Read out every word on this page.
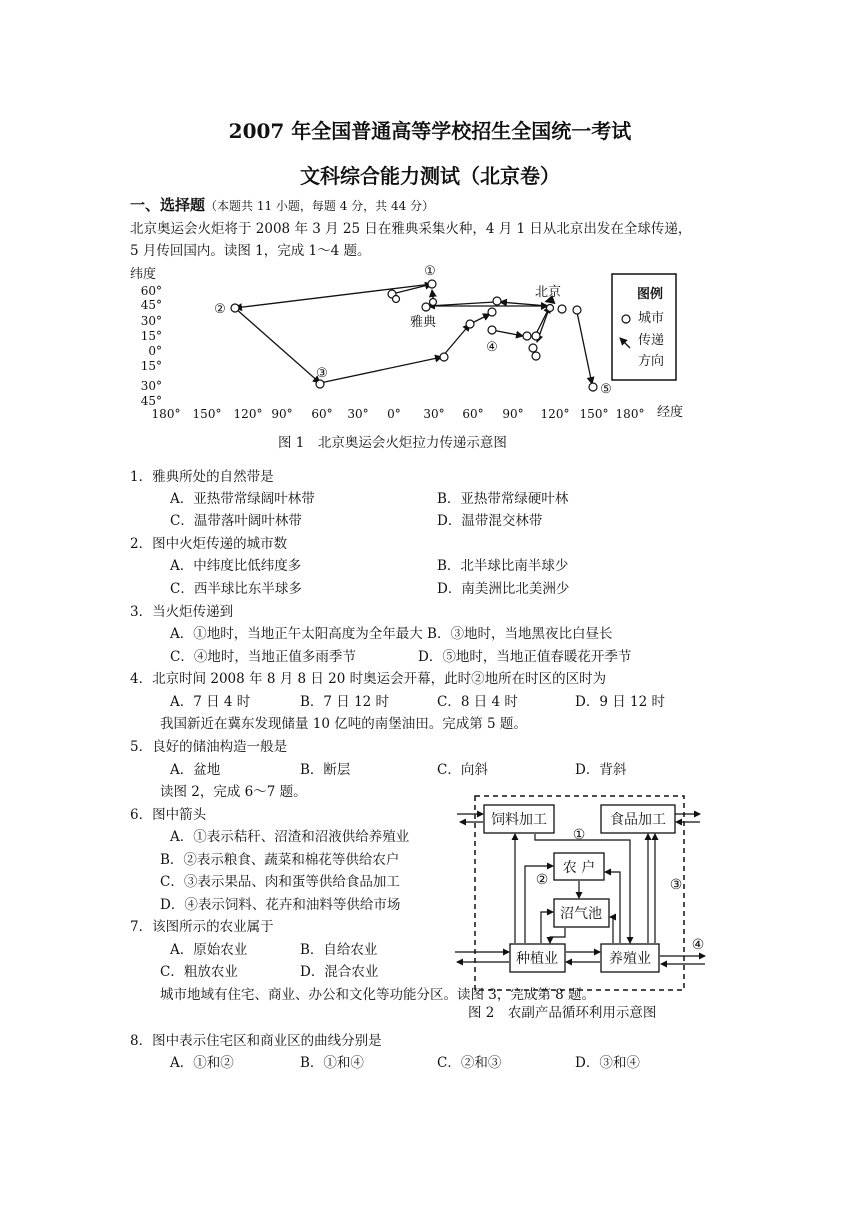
2007 年全国普通高等学校招生全国统一考试
文科综合能力测试（北京卷）
一、选择题（本题共 11 小题，每题 4 分，共 44 分）
北京奥运会火炬将于 2008 年 3 月 25 日在雅典采集火种，4 月 1 日从北京出发在全球传递，
5 月传回国内。读图 1，完成 1～4 题。
纬度
60°
45°
30°
15°
0°
15°
30°
45°
180° 150° 120° 90° 60° 30° 0° 30° 60° 90° 120° 150° 180° 经度
①
②
③
④
⑤
雅典
北京	图例
城市
传递
方向
图 1　北京奥运会火炬拉力传递示意图
1．雅典所处的自然带是
A．亚热带常绿阔叶林带	B．亚热带常绿硬叶林
C．温带落叶阔叶林带	D．温带混交林带
2．图中火炬传递的城市数
A．中纬度比低纬度多	B．北半球比南半球少
C．西半球比东半球多	D．南美洲比北美洲少
3．当火炬传递到
A．①地时，当地正午太阳高度为全年最大 B．③地时，当地黑夜比白昼长
C．④地时，当地正值多雨季节	D．⑤地时，当地正值春暖花开季节
4．北京时间 2008 年 8 月 8 日 20 时奥运会开幕，此时②地所在时区的区时为
A．7 日 4 时	B．7 日 12 时	C．8 日 4 时	D．9 日 12 时
我国新近在冀东发现储量 10 亿吨的南堡油田。完成第 5 题。
5．良好的储油构造一般是
A．盆地	B．断层	C．向斜	D．背斜
读图 2，完成 6～7 题。
6．图中箭头
A．①表示秸秆、沼渣和沼液供给养殖业
B．②表示粮食、蔬菜和棉花等供给农户
C．③表示果品、肉和蛋等供给食品加工
D．④表示饲料、花卉和油料等供给市场
7．该图所示的农业属于
A．原始农业	B．自给农业
C．粗放农业	D．混合农业
饲料加工	食品加工
农 户
沼气池
种植业	养殖业
①
②	③
④
城市地域有住宅、商业、办公和文化等功能分区。读图 3，完成第 8 题。
图 2　农副产品循环利用示意图
8．图中表示住宅区和商业区的曲线分别是
A．①和②	B．①和④	C．②和③	D．③和④
